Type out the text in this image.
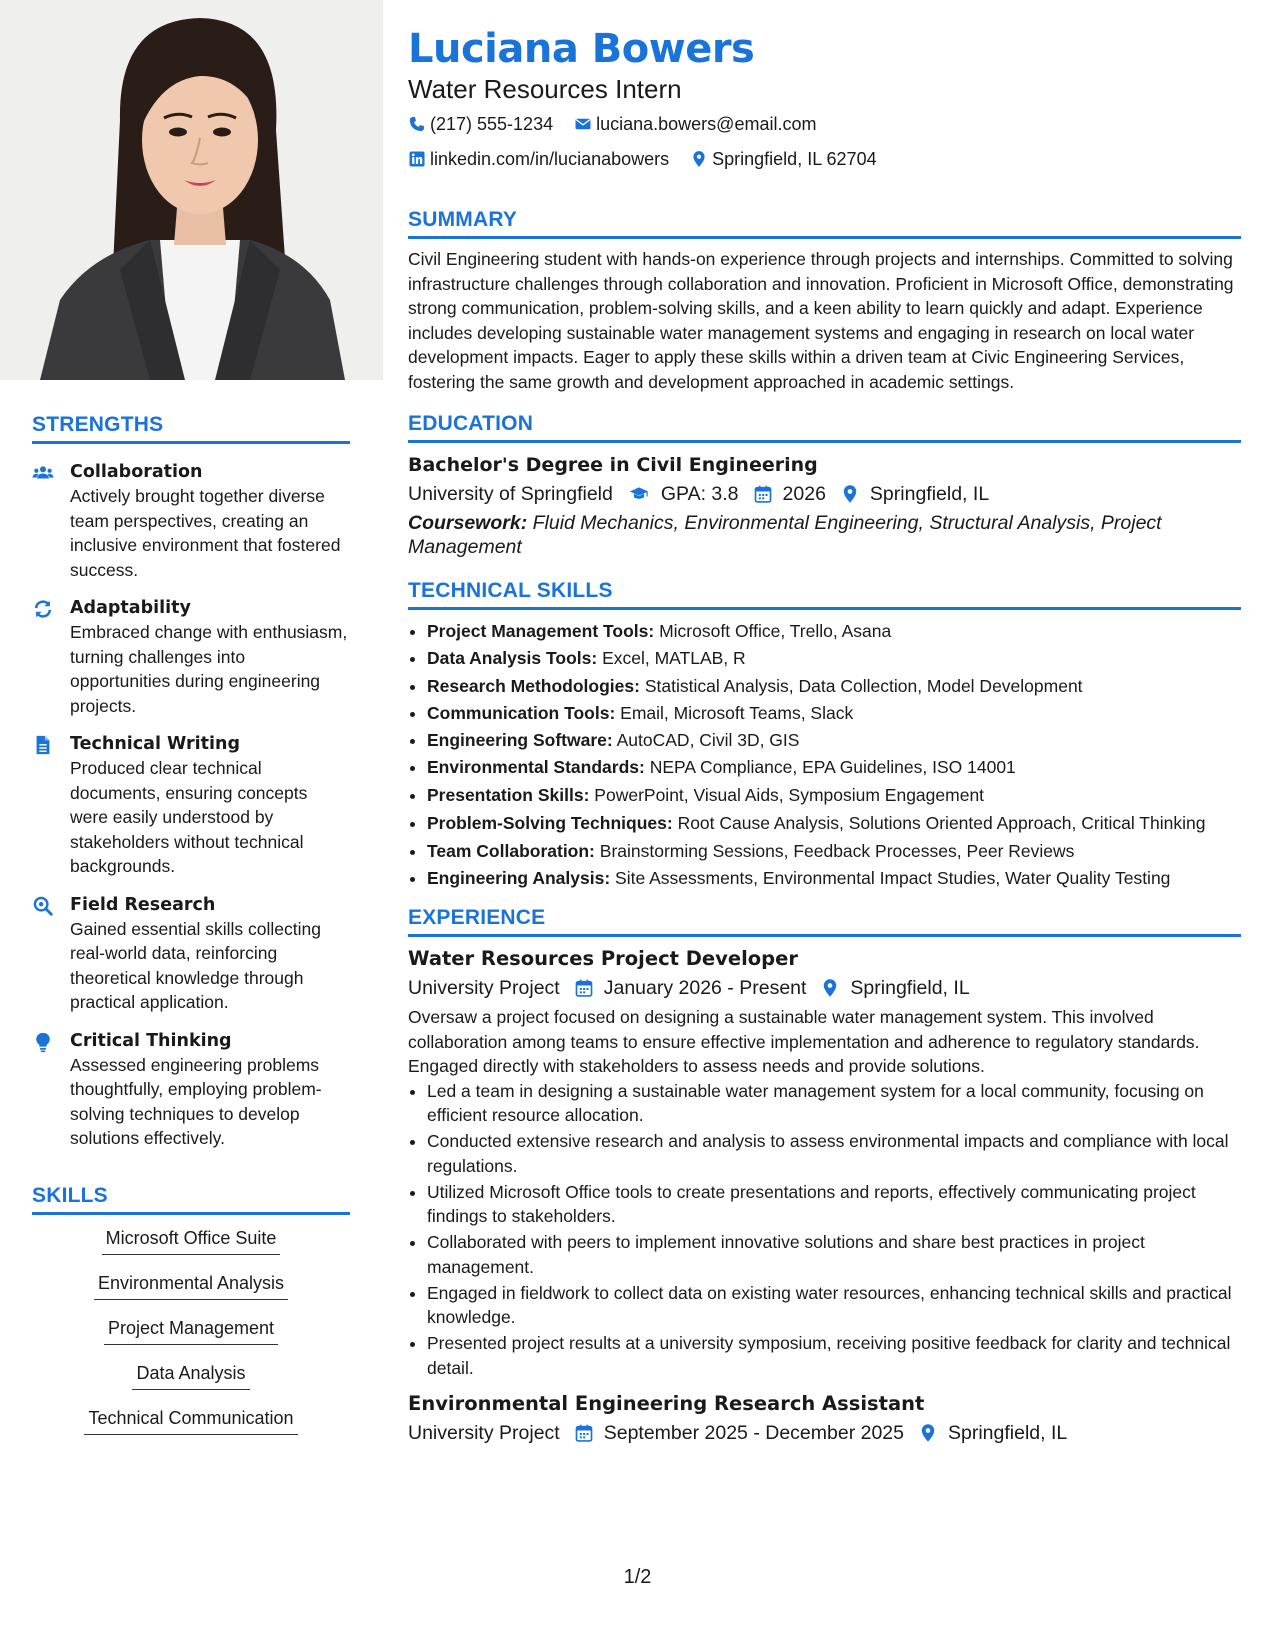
STRENGTHS
Collaboration
Actively brought together diverse team perspectives, creating an inclusive environment that fostered success.
Adaptability
Embraced change with enthusiasm, turning challenges into opportunities during engineering projects.
Technical Writing
Produced clear technical documents, ensuring concepts were easily understood by stakeholders without technical backgrounds.
Field Research
Gained essential skills collecting real-world data, reinforcing theoretical knowledge through practical application.
Critical Thinking
Assessed engineering problems thoughtfully, employing problem-solving techniques to develop solutions effectively.
SKILLS
Microsoft Office Suite
Environmental Analysis
Project Management
Data Analysis
Technical Communication
Luciana Bowers
Water Resources Intern
(217) 555-1234
luciana.bowers@email.com
linkedin.com/in/lucianabowers
Springfield, IL 62704
SUMMARY
Civil Engineering student with hands-on experience through projects and internships. Committed to solving infrastructure challenges through collaboration and innovation. Proficient in Microsoft Office, demonstrating strong communication, problem-solving skills, and a keen ability to learn quickly and adapt. Experience includes developing sustainable water management systems and engaging in research on local water development impacts. Eager to apply these skills within a driven team at Civic Engineering Services, fostering the same growth and development approached in academic settings.
EDUCATION
Bachelor's Degree in Civil Engineering
University of Springfield GPA: 3.8 2026 Springfield, IL
Coursework: Fluid Mechanics, Environmental Engineering, Structural Analysis, Project Management
TECHNICAL SKILLS
• Project Management Tools: Microsoft Office, Trello, Asana
• Data Analysis Tools: Excel, MATLAB, R
• Research Methodologies: Statistical Analysis, Data Collection, Model Development
• Communication Tools: Email, Microsoft Teams, Slack
• Engineering Software: AutoCAD, Civil 3D, GIS
• Environmental Standards: NEPA Compliance, EPA Guidelines, ISO 14001
• Presentation Skills: PowerPoint, Visual Aids, Symposium Engagement
• Problem-Solving Techniques: Root Cause Analysis, Solutions Oriented Approach, Critical Thinking
• Team Collaboration: Brainstorming Sessions, Feedback Processes, Peer Reviews
• Engineering Analysis: Site Assessments, Environmental Impact Studies, Water Quality Testing
EXPERIENCE
Water Resources Project Developer
University Project January 2026 - Present Springfield, IL
Oversaw a project focused on designing a sustainable water management system. This involved collaboration among teams to ensure effective implementation and adherence to regulatory standards. Engaged directly with stakeholders to assess needs and provide solutions.
• Led a team in designing a sustainable water management system for a local community, focusing on efficient resource allocation.
• Conducted extensive research and analysis to assess environmental impacts and compliance with local regulations.
• Utilized Microsoft Office tools to create presentations and reports, effectively communicating project findings to stakeholders.
• Collaborated with peers to implement innovative solutions and share best practices in project management.
• Engaged in fieldwork to collect data on existing water resources, enhancing technical skills and practical knowledge.
• Presented project results at a university symposium, receiving positive feedback for clarity and technical detail.
Environmental Engineering Research Assistant
University Project September 2025 - December 2025 Springfield, IL
1/2
